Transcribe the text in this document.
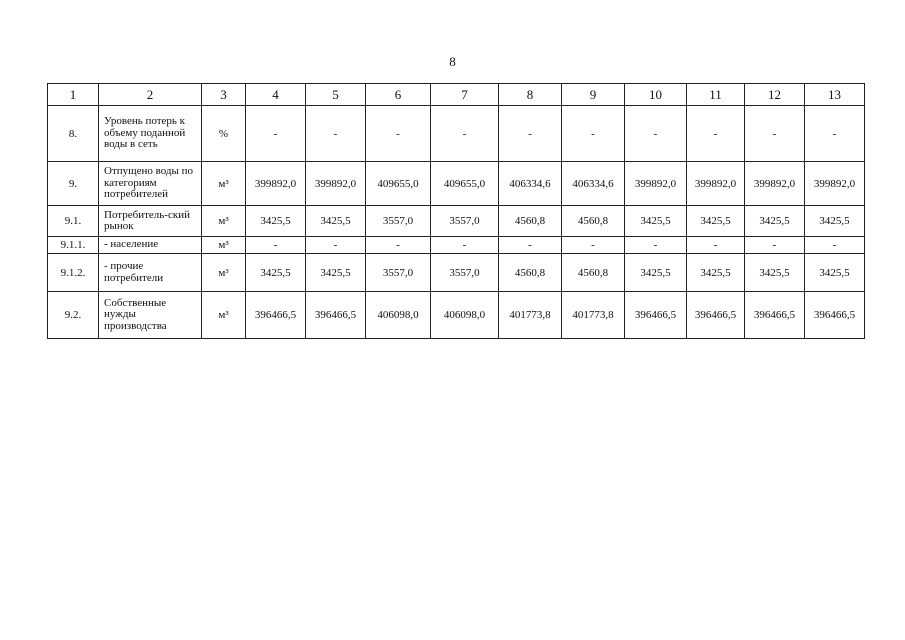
8
1	2	3	4	5	6	7	8	9	10	11	12	13
8.	Уровень потерь к объему поданной воды в сеть	%	-	-	-	-	-	-	-	-	-	-
9.	Отпущено воды по категориям потребителей	м³	399892,0	399892,0	409655,0	409655,0	406334,6	406334,6	399892,0	399892,0	399892,0	399892,0
9.1.	Потребитель-ский рынок	м³	3425,5	3425,5	3557,0	3557,0	4560,8	4560,8	3425,5	3425,5	3425,5	3425,5
9.1.1.	- население	м³	-	-	-	-	-	-	-	-	-	-
9.1.2.	- прочие потребители	м³	3425,5	3425,5	3557,0	3557,0	4560,8	4560,8	3425,5	3425,5	3425,5	3425,5
9.2.	Собственные нужды производства	м³	396466,5	396466,5	406098,0	406098,0	401773,8	401773,8	396466,5	396466,5	396466,5	396466,5
